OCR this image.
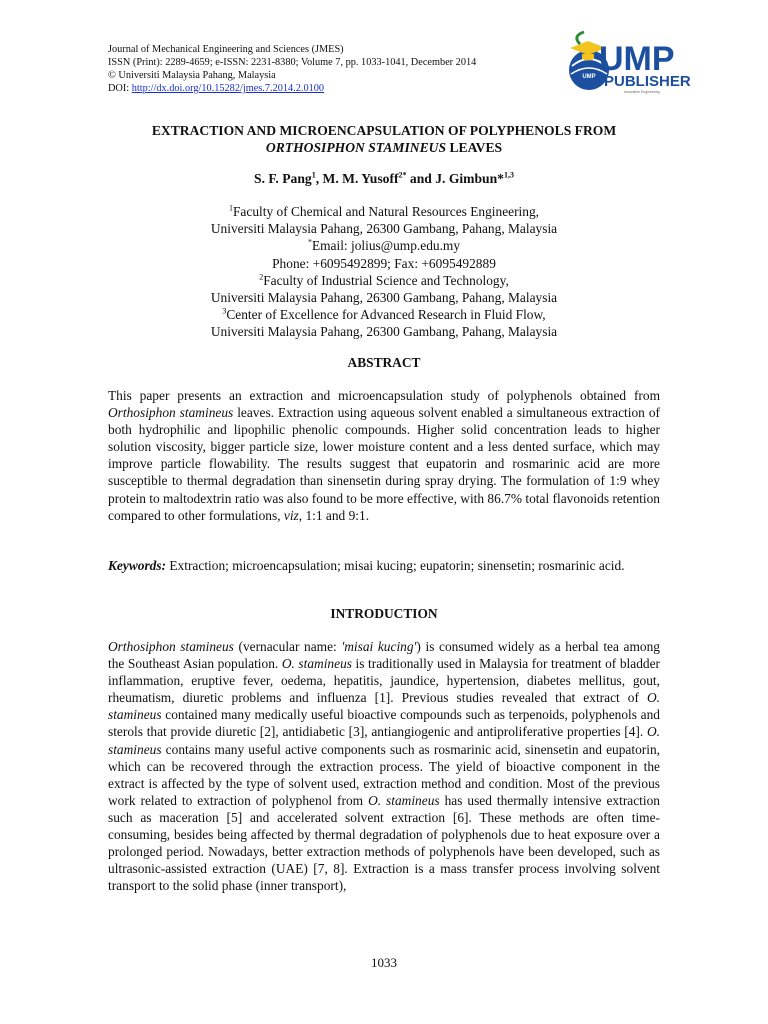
Journal of Mechanical Engineering and Sciences (JMES)
ISSN (Print): 2289-4659; e-ISSN: 2231-8380; Volume 7, pp. 1033-1041, December 2014
© Universiti Malaysia Pahang, Malaysia
DOI: http://dx.doi.org/10.15282/jmes.7.2014.2.0100
UMP UMP
PUBLISHER
Innovative Engineering
EXTRACTION AND MICROENCAPSULATION OF POLYPHENOLS FROM
ORTHOSIPHON STAMINEUS LEAVES
S. F. Pang$^1$, M. M. Yusoff$^{2*}$ and J. Gimbun*$^{1,3}$
$^1$Faculty of Chemical and Natural Resources Engineering,
Universiti Malaysia Pahang, 26300 Gambang, Pahang, Malaysia
*Email: jolius@ump.edu.my
Phone: +6095492899; Fax: +6095492889
$^2$Faculty of Industrial Science and Technology,
Universiti Malaysia Pahang, 26300 Gambang, Pahang, Malaysia
$^3$Center of Excellence for Advanced Research in Fluid Flow,
Universiti Malaysia Pahang, 26300 Gambang, Pahang, Malaysia
ABSTRACT

This paper presents an extraction and microencapsulation study of polyphenols obtained from Orthosiphon stamineus leaves. Extraction using aqueous solvent enabled a simultaneous extraction of both hydrophilic and lipophilic phenolic compounds. Higher solid concentration leads to higher solution viscosity, bigger particle size, lower moisture content and a less dented surface, which may improve particle flowability. The results suggest that eupatorin and rosmarinic acid are more susceptible to thermal degradation than sinensetin during spray drying. The formulation of 1:9 whey protein to maltodextrin ratio was also found to be more effective, with 86.7% total flavonoids retention compared to other formulations, viz, 1:1 and 9:1.

Keywords: Extraction; microencapsulation; misai kucing; eupatorin; sinensetin; rosmarinic acid.

INTRODUCTION

Orthosiphon stamineus (vernacular name: 'misai kucing') is consumed widely as a herbal tea among the Southeast Asian population. O. stamineus is traditionally used in Malaysia for treatment of bladder inflammation, eruptive fever, oedema, hepatitis, jaundice, hypertension, diabetes mellitus, gout, rheumatism, diuretic problems and influenza [1]. Previous studies revealed that extract of O. stamineus contained many medically useful bioactive compounds such as terpenoids, polyphenols and sterols that provide diuretic [2], antidiabetic [3], antiangiogenic and antiproliferative properties [4]. O. stamineus contains many useful active components such as rosmarinic acid, sinensetin and eupatorin, which can be recovered through the extraction process. The yield of bioactive component in the extract is affected by the type of solvent used, extraction method and condition. Most of the previous work related to extraction of polyphenol from O. stamineus has used thermally intensive extraction such as maceration [5] and accelerated solvent extraction [6]. These methods are often time-consuming, besides being affected by thermal degradation of polyphenols due to heat exposure over a prolonged period. Nowadays, better extraction methods of polyphenols have been developed, such as ultrasonic-assisted extraction (UAE) [7, 8]. Extraction is a mass transfer process involving solvent transport to the solid phase (inner transport),

1033
